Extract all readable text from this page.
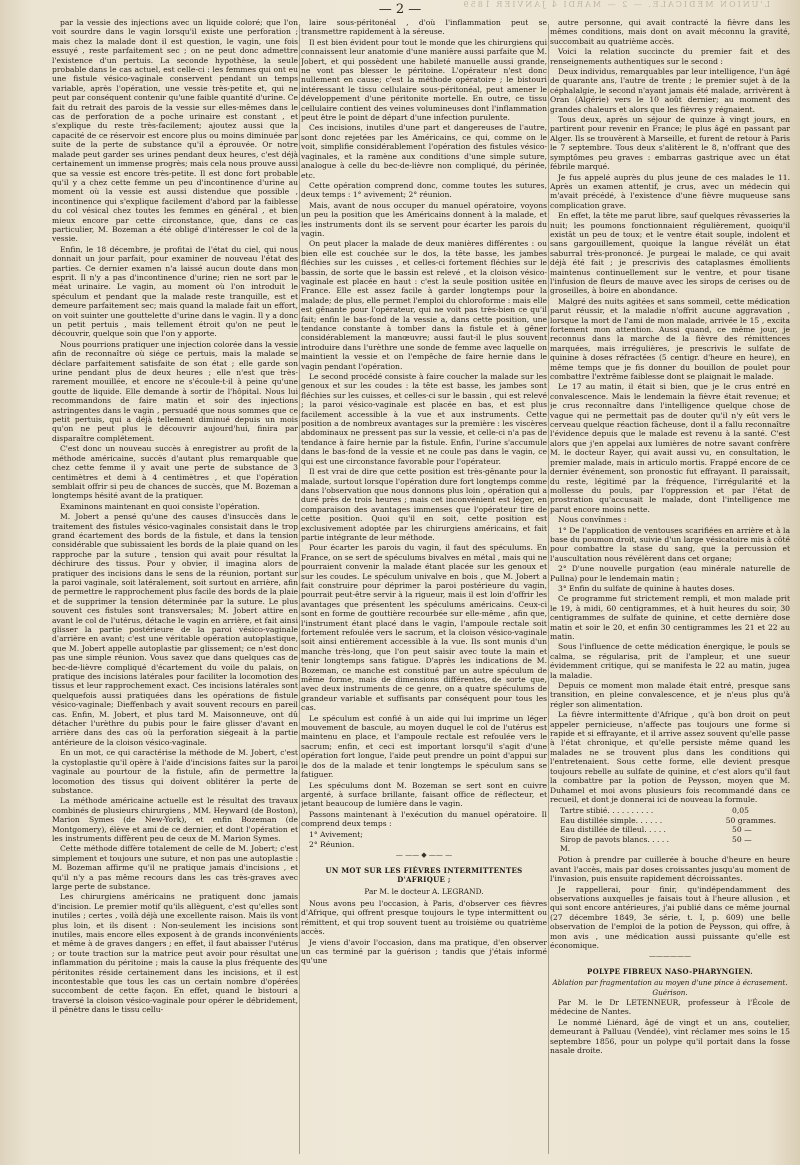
L'UNION MÉDICALE. — 2 — MARDI 4 JANVIER 1859
— 2 —

par la vessie des injections avec un liquide coloré; que l'on voit sourdre dans le vagin lorsqu'il existe une perforation ; mais chez la malade dont il est question, le vagin, une fois essuyé , reste parfaitement sec ; on ne peut donc admettre l'existence d'un pertuis. La seconde hypothèse, la seule probable dans le cas actuel, est celle-ci : les femmes qui ont eu une fistule vésico-vaginale conservent pendant un temps variable, après l'opération, une vessie très-petite et, qui ne peut par conséquent contenir qu'une faible quantité d'urine. Ce fait du retrait des parois de la vessie sur elles-mêmes dans le cas de perforation de a poche urinaire est constant , et s'explique du reste très-facilement; ajoutez aussi que la capacité de ce réservoir est encore plus ou moins diminuée par suite de la perte de substance qu'il a éprouvée. Or notre malade peut garder ses urines pendant deux heures, c'est déjà certainement un immense progrès; mais cela nous prouve aussi que sa vessie est encore très-petite. Il est donc fort probable qu'il y a chez cette femme un peu d'incontinence d'urine au moment où la vessie est aussi distendue que possible , incontinence qui s'explique facilement d'abord par la faiblesse du col vésical chez toutes les femmes en général , et bien mieux encore par cette circonstance, que, dans ce cas particulier, M. Bozeman a été obligé d'intéresser le col de la vessie.

Enfin, le 18 décembre, je profitai de l'état du ciel, qui nous donnait un jour parfait, pour examiner de nouveau l'état des parties. Ce dernier examen n'a laissé aucun doute dans mon esprit. Il n'y a pas d'incontinence d'urine; rien ne sort par le méat urinaire. Le vagin, au moment où l'on introduit le spéculum et pendant que la malade reste tranquille, est et demeure parfaitement sec; mais quand la malade fait un effort, on voit suinter une gouttelette d'urine dans le vagin. Il y a donc un petit pertuis , mais tellement étroit qu'on ne peut le découvrir, quelque soin que l'on y apporte.

Nous pourrions pratiquer une injection colorée dans la vessie afin de reconnaître où siége ce pertuis, mais la malade se déclare parfaitement satisfaite de son état ; elle garde son urine pendant plus de deux heures ; elle n'est que très-rarement mouillée, et encore ne s'écoule-t-il à peine qu'une goutte de liquide. Elle demande à sortir de l'hôpital. Nous lui recommandons de faire matin et soir des injections astringentes dans le vagin , persuadé que nous sommes que ce petit pertuis, qui a déjà tellement diminué depuis un mois qu'on ne peut plus le découvrir aujourd'hui, finira par disparaître complétement.

C'est donc un nouveau succès à enregistrer au profit de la méthode américaine, succès d'autant plus remarquable que chez cette femme il y avait une perte de substance de 3 centimètres et demi à 4 centimètres , et que l'opération semblait offrir si peu de chances de succès, que M. Bozeman a longtemps hésité avant de la pratiquer.

Examinons maintenant en quoi consiste l'opération.

M. Jobert a pensé qu'une des causes d'insuccès dans le traitement des fistules vésico-vaginales consistait dans le trop grand écartement des bords de la fistule, et dans la tension considérable que subissaient les bords de la plaie quand on les rapproche par la suture , tension qui avait pour résultat la déchirure des tissus. Pour y obvier, il imagina alors de pratiquer des incisions dans le sens de la réunion, portant sur la paroi vaginale, soit latéralement, soit surtout en arrière, afin de permettre le rapprochement plus facile des bords de la plaie et de supprimer la tension déterminée par la suture. Le plus souvent ces fistules sont transversales; M. Jobert attire en avant le col de l'utérus, détache le vagin en arrière, et fait ainsi glisser la partie postérieure de la paroi vésico-vaginale d'arrière en avant; c'est une véritable opération autoplastique, que M. Jobert appelle autoplastie par glissement; ce n'est donc pas une simple réunion. Vous savez que dans quelques cas de bec-de-lièvre compliqué d'écartement du voile du palais, on pratique des incisions latérales pour faciliter la locomotion des tissus et leur rapprochement exact. Ces incisions latérales sont quelquefois aussi pratiquées dans les opérations de fistule vésico-vaginale; Dieffenbach y avait souvent recours en pareil cas. Enfin, M. Jobert, et plus tard M. Maisonneuve, ont dû détacher l'urèthre du pubis pour le faire glisser d'avant en arrière dans des cas où la perforation siégeait à la partie antérieure de la cloison vésico-vaginale.

En un mot, ce qui caractérise la méthode de M. Jobert, c'est la cystoplastie qu'il opère à l'aide d'incisions faites sur la paroi vaginale au pourtour de la fistule, afin de permettre la locomotion des tissus qui doivent oblitérer la perte de substance.

La méthode américaine actuelle est le résultat des travaux combinés de plusieurs chirurgiens , MM. Heyward (de Boston), Marion Symes (de New-York), et enfin Bozeman (de Montgomery), élève et ami de ce dernier, et dont l'opération et les instruments diffèrent peu de ceux de M. Marion Symes.

Cette méthode diffère totalement de celle de M. Jobert; c'est simplement et toujours une suture, et non pas une autoplastie : M. Bozeman affirme qu'il ne pratique jamais d'incisions , et qu'il n'y a pas même recours dans les cas très-graves avec large perte de substance.

Les chirurgiens américains ne pratiquent donc jamais d'incision. Le premier motif qu'ils allèguent, c'est qu'elles sont inutiles ; certes , voilà déjà une excellente raison. Mais ils vont plus loin, et ils disent : Non-seulement les incisions sont inutiles, mais encore elles exposent à de grands inconvénients et même à de graves dangers ; en effet, il faut abaisser l'utérus ; or toute traction sur la matrice peut avoir pour résultat une inflammation du péritoine ; mais la cause la plus fréquente des péritonites réside certainement dans les incisions, et il est incontestable que tous les cas un certain nombre d'opérées succombent de cette façon. En effet, quand le bistouri a traversé la cloison vésico-vaginale pour opérer le débridement, il pénètre dans le tissu cellu-

laire sous-péritonéal , d'où l'inflammation peut se transmettre rapidement à la séreuse.

Il est bien évident pour tout le monde que les chirurgiens qui connaissent leur anatomie d'une manière aussi parfaite que M. Jobert, et qui possèdent une habileté manuelle aussi grande, ne vont pas blesser le péritoine. L'opérateur n'est donc nullement en cause; c'est la méthode opératoire ; le bistouri intéressant le tissu cellulaire sous-péritonéal, peut amener le développement d'une péritonite mortelle. En outre, ce tissu cellulaire contient des veines volumineuses dont l'inflammation peut être le point de départ d'une infection purulente.

Ces incisions, inutiles d'une part et dangereuses de l'autre, sont donc rejetées par les Américains, ce qui, comme on le voit, simplifie considérablement l'opération des fistules vésico-vaginales, et la ramène aux conditions d'une simple suture, analogue à celle du bec-de-lièvre non compliqué, du périnée, etc.

Cette opération comprend donc, comme toutes les sutures, deux temps : 1° avivement; 2° réunion.

Mais, avant de nous occuper du manuel opératoire, voyons un peu la position que les Américains donnent à la malade, et les instruments dont ils se servent pour écarter les parois du vagin.

On peut placer la malade de deux manières différentes : ou bien elle est couchée sur le dos, la tête basse, les jambes fléchies sur les cuisses , et celles-ci fortement fléchies sur le bassin, de sorte que le bassin est relevé , et la cloison vésico-vaginale est placée en haut : c'est la seule position usitée en France. Elle est assez facile à garder longtemps pour la malade; de plus, elle permet l'emploi du chloroforme : mais elle est gênante pour l'opérateur, qui ne voit pas très-bien ce qu'il fait; enfin le bas-fond de la vessie a, dans cette position, une tendance constante à tomber dans la fistule et à gêner considérablement la manœuvre; aussi faut-il le plus souvent introduire dans l'urèthre une sonde de femme avec laquelle on maintient la vessie et on l'empêche de faire hernie dans le vagin pendant l'opération.

Le second procédé consiste à faire coucher la malade sur les genoux et sur les coudes : la tête est basse, les jambes sont fléchies sur les cuisses, et celles-ci sur le bassin , qui est relevé ; la paroi vésico-vaginale est placée en bas, et est plus facilement accessible à la vue et aux instruments. Cette position a de nombreux avantages sur la première : les viscères abdominaux ne pressent pas sur la vessie, et celle-ci n'a pas de tendance à faire hernie par la fistule. Enfin, l'urine s'accumule dans le bas-fond de la vessie et ne coule pas dans le vagin, ce qui est une circonstance favorable pour l'opérateur.

Il est vrai de dire que cette position est très-gênante pour la malade, surtout lorsque l'opération dure fort longtemps comme dans l'observation que nous donnons plus loin , opération qui a duré près de trois heures ; mais cet inconvénient est léger, en comparaison des avantages immenses que l'opérateur tire de cette position. Quoi qu'il en soit, cette position est exclusivement adoptée par les chirurgiens américains, et fait partie intégrante de leur méthode.

Pour écarter les parois du vagin, il faut des spéculums. En France, on se sert de spéculums bivalves en métal , mais qui ne pourraient convenir la malade étant placée sur les genoux et sur les coudes. Le spéculum univalve en bois , que M. Jobert a fait construire pour déprimer la paroi postérieure du vagin, pourrait peut-être servir à la rigueur, mais il est loin d'offrir les avantages que présentent les spéculums américains. Ceux-ci sont en forme de gouttière recourbée sur elle-même , afin que, l'instrument étant placé dans le vagin, l'ampoule rectale soit fortement refoulée vers le sacrum, et la cloison vésico-vaginale soit ainsi entièrement accessible à la vue. Ils sont munis d'un manche très-long, que l'on peut saisir avec toute la main et tenir longtemps sans fatigue. D'après les indications de M. Bozeman, ce manche est constitué par un autre spéculum de même forme, mais de dimensions différentes, de sorte que, avec deux instruments de ce genre, on a quatre spéculums de grandeur variable et suffisants par conséquent pour tous les cas.

Le spéculum est confié à un aide qui lui imprime un léger mouvement de bascule, au moyen duquel le col de l'utérus est maintenu en place, et l'ampoule rectale est refoulée vers le sacrum; enfin, et ceci est important lorsqu'il s'agit d'une opération fort longue, l'aide peut prendre un point d'appui sur le dos de la malade et tenir longtemps le spéculum sans se fatiguer.

Les spéculums dont M. Bozeman se sert sont en cuivre argenté, à surface brillante, faisant office de réflecteur, et jetant beaucoup de lumière dans le vagin.

Passons maintenant à l'exécution du manuel opératoire. Il comprend deux temps :

1° Avivement;

2° Réunion.

— —— ◆ —— —
UN MOT SUR LES FIÈVRES INTERMITTENTES D'AFRIQUE ;

Par M. le docteur A. LEGRAND.

Nous avons peu l'occasion, à Paris, d'observer ces fièvres d'Afrique, qui offrent presque toujours le type intermittent ou rémittent, et qui trop souvent tuent au troisième ou quatrième accès.

Je viens d'avoir l'occasion, dans ma pratique, d'en observer un cas terminé par la guérison ; tandis que j'étais informé qu'une

autre personne, qui avait contracté la fièvre dans les mêmes conditions, mais dont on avait méconnu la gravité, succombait au quatrième accès.

Voici la relation succincte du premier fait et des renseignements authentiques sur le second :

Deux individus, remarquables par leur intelligence, l'un âgé de quarante ans, l'autre de trente ; le premier sujet à de la céphalalgie, le second n'ayant jamais été malade, arrivèrent à Oran (Algérie) vers le 10 août dernier; au moment des grandes chaleurs et alors que les fièvres y régnaient.

Tous deux, après un séjour de quinze à vingt jours, en partirent pour revenir en France; le plus âgé en passant par Alger. Ils se trouvèrent à Marseille, et furent de retour à Paris le 7 septembre. Tous deux s'alitèrent le 8, n'offrant que des symptômes peu graves : embarras gastrique avec un état fébrile marqué.

Je fus appelé auprès du plus jeune de ces malades le 11. Après un examen attentif, je crus, avec un médecin qui m'avait précédé, à l'existence d'une fièvre muqueuse sans complication grave.

En effet, la tête me parut libre, sauf quelques rêvasseries la nuit; les poumons fonctionnaient régulièrement, quoiqu'il existât un peu de toux; et le ventre était souple, indolent et sans gargouillement, quoique la langue révélât un état saburral très-prononcé. Je purgeai le malade, ce qui avait déjà été fait ; je prescrivis des cataplasmes émollients maintenus continuellement sur le ventre, et pour tisane l'infusion de fleurs de mauve avec les sirops de cerises ou de groseilles, à boire en abondance.

Malgré des nuits agitées et sans sommeil, cette médication parut réussir, et la maladie n'offrit aucune aggravation , lorsque la mort de l'ami de mon malade, arrivée le 15 , excita fortement mon attention. Aussi quand, ce même jour, je reconnus dans la marche de la fièvre des rémittences marquées, mais irrégulières, je prescrivis le sulfate de quinine à doses réfractées (5 centigr. d'heure en heure), en même temps que je fis donner du bouillon de poulet pour combattre l'extrême faiblesse dont se plaignait le malade.

Le 17 au matin, il était si bien, que je le crus entré en convalescence. Mais le lendemain la fièvre était revenue; et je crus reconnaître dans l'intelligence quelque chose de vague qui ne permettait pas de douter qu'il n'y eût vers le cerveau quelque réaction fâcheuse, dont il a fallu reconnaître l'évidence depuis que le malade est revenu à la santé. C'est alors que j'en appelai aux lumières de notre savant confrère M. le docteur Rayer, qui avait aussi vu, en consultation, le premier malade, mais in articulo mortis. Frappé encore de ce dernier événement, son pronostic fut effrayant. Il paraissait, du reste, légitimé par la fréquence, l'irrégularité et la mollesse du pouls, par l'oppression et par l'état de prostration qu'accusait le malade, dont l'intelligence me parut encore moins nette.

Nous convînmes :

1° De l'application de ventouses scarifiées en arrière et à la base du poumon droit, suivie d'un large vésicatoire mis à côté pour combattre la stase du sang, que la percussion et l'auscultation nous révélèrent dans cet organe;

2° D'une nouvelle purgation (eau minérale naturelle de Pullna) pour le lendemain matin ;

3° Enfin du sulfate de quinine à hautes doses.

Ce programme fut strictement rempli, et mon malade prit le 19, à midi, 60 centigrammes, et à huit heures du soir, 30 centigrammes de sulfate de quinine, et cette dernière dose matin et soir le 20, et enfin 30 centigrammes les 21 et 22 au matin.

Sous l'influence de cette médication énergique, le pouls se calma, se régularisa, prit de l'ampleur, et une sueur évidemment critique, qui se manifesta le 22 au matin, jugea la maladie.

Depuis ce moment mon malade était entré, presque sans transition, en pleine convalescence, et je n'eus plus qu'à régler son alimentation.

La fièvre intermittente d'Afrique , qu'à bon droit on peut appeler pernicieuse, n'affecte pas toujours une forme si rapide et si effrayante, et il arrive assez souvent qu'elle passe à l'état chronique, et qu'elle persiste même quand les malades ne se trouvent plus dans les conditions qui l'entretenaient. Sous cette forme, elle devient presque toujours rebelle au sulfate de quinine, et c'est alors qu'il faut la combattre par la potion de Peysson, moyen que M. Duhamel et moi avons plusieurs fois recommandé dans ce recueil, et dont je donnerai ici de nouveau la formule.

Tartre stibié. . . . . . . . . .	0,05
Eau distillée simple. . . . . .	50 grammes.
Eau distillée de tilleul. . . . .	50 —
Sirop de pavots blancs. . . . .	50 —
M.

Potion à prendre par cuillerée à bouche d'heure en heure avant l'accès, mais par doses croissantes jusqu'au moment de l'invasion, puis ensuite rapidement décroissantes.

Je rappellerai, pour finir, qu'indépendamment des observations auxquelles je faisais tout à l'heure allusion , et qui sont encore antérieures, j'ai publié dans ce même journal (27 décembre 1849, 3e série, t. I, p. 609) une belle observation de l'emploi de la potion de Peysson, qui offre, à mon avis , une médication aussi puissante qu'elle est économique.

——————
POLYPE FIBREUX NASO-PHARYNGIEN.

Ablation par fragmentation au moyen d'une pince à écrasement. Guérison.

Par M. le Dr LETENNEUR, professeur à l'École de médecine de Nantes.

Le nommé Liénard, âgé de vingt et un ans, coutelier, demeurant à Palluau (Vendée), vint réclamer mes soins le 15 septembre 1856, pour un polype qu'il portait dans la fosse nasale droite.
